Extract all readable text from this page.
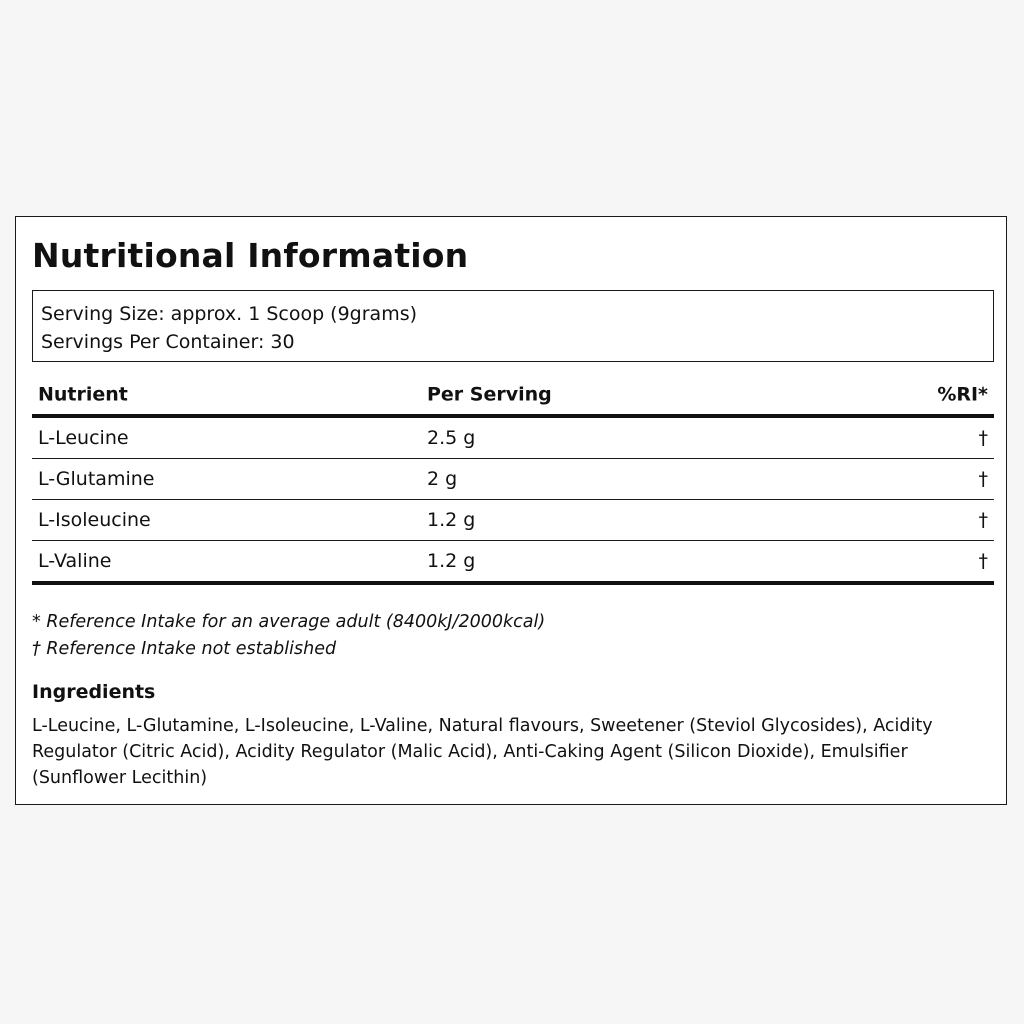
Nutritional Information
Serving Size: approx. 1 Scoop (9grams)
Servings Per Container: 30
Nutrient	Per Serving	%RI*
L-Leucine	2.5 g	†
L-Glutamine	2 g	†
L-Isoleucine	1.2 g	†
L-Valine	1.2 g	†
* Reference Intake for an average adult (8400kJ/2000kcal)
† Reference Intake not established
Ingredients

L-Leucine, L-Glutamine, L-Isoleucine, L-Valine, Natural flavours, Sweetener (Steviol Glycosides), Acidity Regulator (Citric Acid), Acidity Regulator (Malic Acid), Anti-Caking Agent (Silicon Dioxide), Emulsifier (Sunflower Lecithin)
